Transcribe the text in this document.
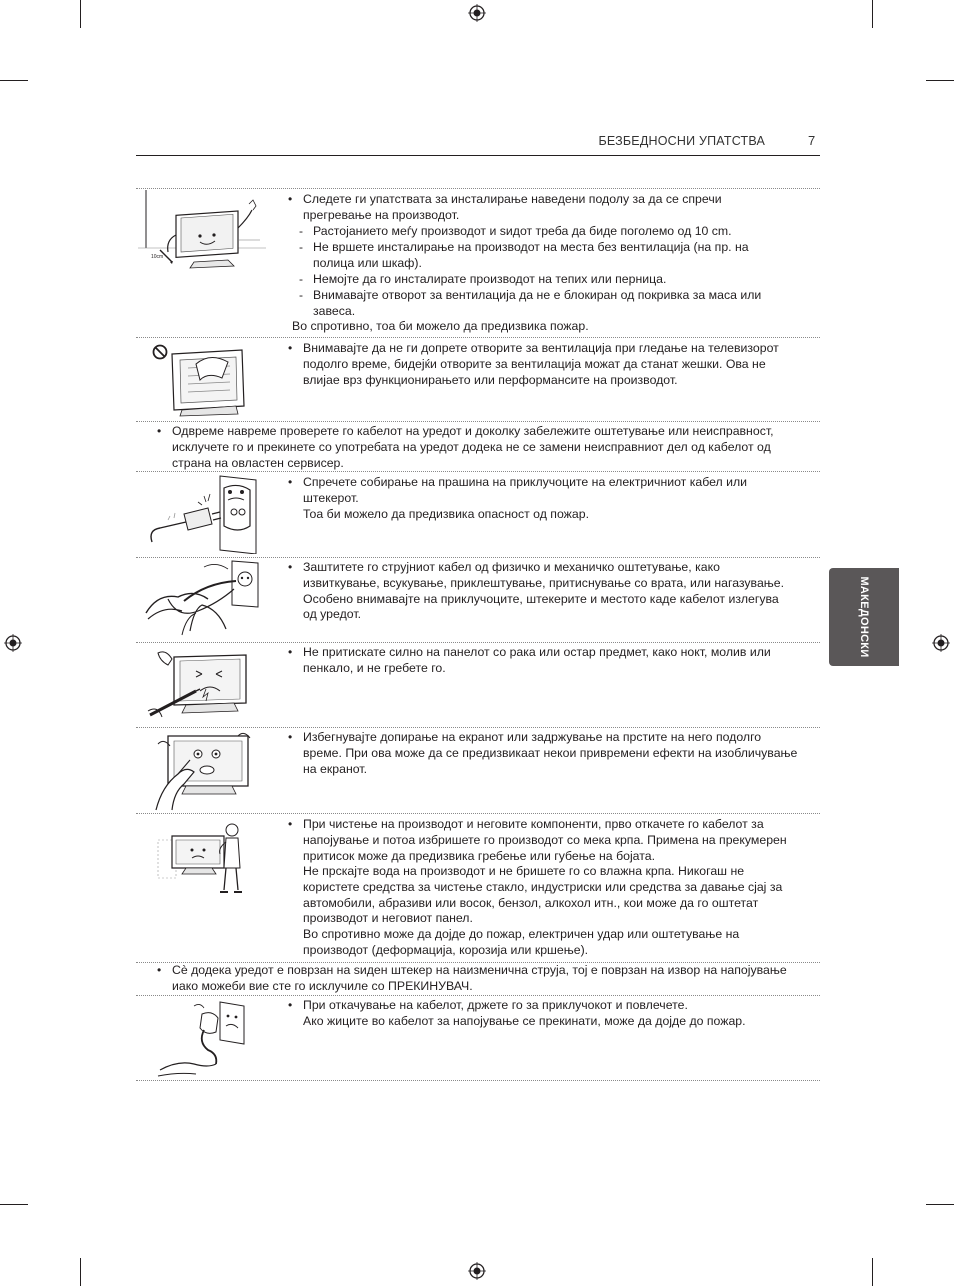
БЕЗБЕДНОСНИ УПАТСТВА	7
МАКЕДОНСКИ
10cm
• Следете ги упатствата за инсталирање наведени подолу за да се спречи прегревање на производот.
- Растојанието меѓу производот и ѕидот треба да биде поголемо од 10 cm.
- Не вршете инсталирање на производот на места без вентилација (на пр. на полица или шкаф).
- Немојте да го инсталирате производот на тепих или перница.
- Внимавајте отворот за вентилација да не е блокиран од покривка за маса или завеса.
Во спротивно, тоа би можело да предизвика пожар.
• Внимавајте да не ги допрете отворите за вентилација при гледање на телевизорот подолго време, бидејќи отворите за вентилација можат да станат жешки. Ова не влијае врз функционирањето или перформансите на производот.
• Одвреме навреме проверете го кабелот на уредот и доколку забележите оштетување или неисправност, исклучете го и прекинете со употребата на уредот додека не се замени неисправниот дел од кабелот од страна на овластен сервисер.
• Спречете собирање на прашина на приклучоците на електричниот кабел или штекерот.
Тоа би можело да предизвика опасност од пожар.
• Заштитете го струјниот кабел од физичко и механичко оштетување, како извиткување, всукување, приклештување, притиснување со врата, или нагазување. Особено внимавајте на приклучоците, штекерите и местото каде кабелот излегува од уредот.
• Не притискате силно на панелот со рака или остар предмет, како нокт, молив или пенкало, и не гребете го.
• Избегнувајте допирање на екранот или задржување на прстите на него подолго време. При ова може да се предизвикаат некои привремени ефекти на изобличување на екранот.
• При чистење на производот и неговите компоненти, прво откачете го кабелот за напојување и потоа избришете го производот со мека крпа. Примена на прекумерен притисок може да предизвика гребење или губење на бојата.
Не прскајте вода на производот и не бришете го со влажна крпа. Никогаш не користете средства за чистење стакло, индустриски или средства за давање сјај за автомобили, абразиви или восок, бензол, алкохол итн., кои може да го оштетат производот и неговиот панел.
Во спротивно може да дојде до пожар, електричен удар или оштетување на производот (деформација, корозија или кршење).
• Сè додека уредот е поврзан на ѕиден штекер на наизменична струја, тој е поврзан на извор на напојување иако можеби вие сте го исклучиле со ПРЕКИНУВАЧ.
• При откачување на кабелот, држете го за приклучокот и повлечете.
Ако жиците во кабелот за напојување се прекинати, може да дојде до пожар.
